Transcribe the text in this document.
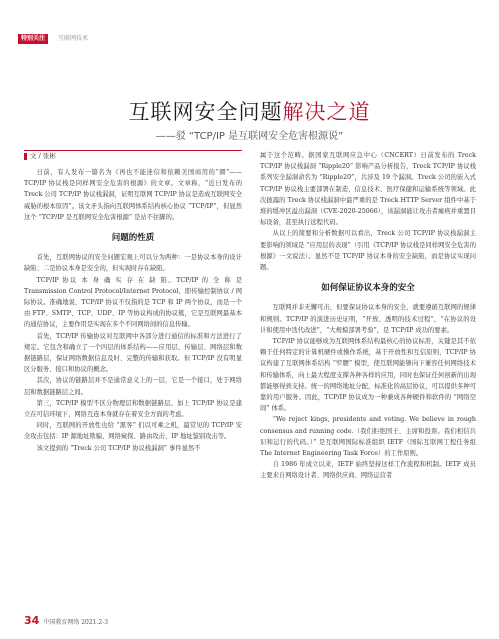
特别关注	互联网技术
互联网安全问题解决之道
——驳 “TCP/IP 是互联网安全危害根源说”
文 / 张彬

日前，有人发布一篇名为《再也不能迷信和依赖美国商用的“圈”——TCP/IP 协议栈是同样网安全危害的根源》的文章。文章称，“近日发布的 Treck 公司 TCP/IP 协议栈漏洞，证明互联网 TCP/IP 协议是造成互联网安全威胁的根本原因”。该文矛头指向互联网体系结构核心协议 “TCP/IP”，但显然这个 “TCP/IP 是互联网安全危害根源” 是站不住脚的。

问题的性质

首先，互联网协议的安全问题宏观上可以分为两种：一是协议本身的设计缺陷；二是协议本身是安全的，但实现时存在缺陷。

TCP/IP 协议 本 身 确 实 存 在 缺 陷。TCP/IP 的 全 称 是 Transmission Control Protocol/Internet Protocol，即传输控制协议 / 网际协议。准确地说，TCP/IP 协议不仅指的是 TCP 和 IP 两个协议，而是一个由 FTP、SMTP、TCP、UDP、IP 等协议构成的协议簇，它是互联网最基本的通信协议，主要作用是实现在多个不同网络间的信息传输。

首先，TCP/IP 传输协议对互联网中各部分进行通信的标准和方法进行了规定。它包含和确立了一个四层的体系结构——应用层、传输层、网络层和数据链路层，保证网络数据信息及时、完整的传输和获取。但 TCP/IP 没有明显区分服务、接口和协议的概念。

其次，协议的链路层并不是通常意义上的一层，它是一个接口，处于网络层和数据链路层之间。

第三，TCP/IP 模型不区分物理层和数据链路层。加上 TCP/IP 协议是建立在可信环境下，网络互连本身就存在着安全方面的考虑。

同时，互联网的开放性也给 “黑客” 们以可乘之机，最常见的 TCP/IP 安全攻击包括：IP 源地址欺骗、网络窥探、路由攻击、IP 地址鉴别攻击等。

该文提到的 “Treck 公司 TCP/IP 协议栈漏洞” 事件显然不

属于这个范畴。据国家互联网应急中心（CNCERT）日前发布的 Treck TCP/IP 协议栈漏洞 “Ripple20” 影响产品分析报告，Treck TCP/IP 协议栈系列安全漏洞命名为 “Ripple20”，共涉及 19 个漏洞。Treck 公司的嵌入式 TCP/IP 协议栈主要部署在制造、信息技术、医疗保健和运输系统等领域。此次披露的 Treck 协议栈漏洞中最严重的是 Treck HTTP Server 组件中基于堆的缓冲区溢出漏洞（CVE-2020-25066），该漏洞能让攻击者瘫痪并重置目标设备，甚至执行远程代码。

从以上的简要和分析数据可以看出，Treck 公司 TCP/IP 协议栈漏洞主要影响的领域是 “应用层的表现”（引用《TCP/IP 协议栈是同样网安全危害的根源》一文说法）。显然不是 TCP/IP 协议本身的安全缺陷，而是协议实现问题。

如何保证协议本身的安全

互联网并非无懈可击，但要保证协议本身的安全，就要遵循互联网的规律和规则。TCP/IP 的演进历史证明，“开放、透明的技术过程”，“在协议的设计和使用中迭代改进”，“大规模部署考验”，是 TCP/IP 成功的要素。

TCP/IP 协议能够成为互联网体系结构最核心的协议标准，关键是其不依赖于任何特定的计算机硬件或操作系统，基于开放性和互信原则，TCP/IP 协议构建了互联网体系结构 “窄腰” 模型，使互联网能够向下兼容任何网络技术和传输体系，向上最大程度支撑各种各样的应用，同时也保证任何创新的出现都能够得到支持。统一的网络地址分配，标准化的高层协议，可以提供多种可靠的用户服务。因此，TCP/IP 协议成为一种兼成各种硬件和软件的 “网络空间” 体系。

“We reject kings, presidents and voting. We believe in rough consensus and running code.（我们拒绝国王、主席和投票。我们相信共识和运行的代码。）” 是互联网国际标准组织 IETF（国际互联网工程任务组 The Internet Engineering Task Force）的工作原则。

自 1986 年成立以来，IETF 始终坚持这样工作流程和机制。IETF 成员主要来自网络设计者、网络供应商、网络运营者

34 中国教育网络 2021.2-3
